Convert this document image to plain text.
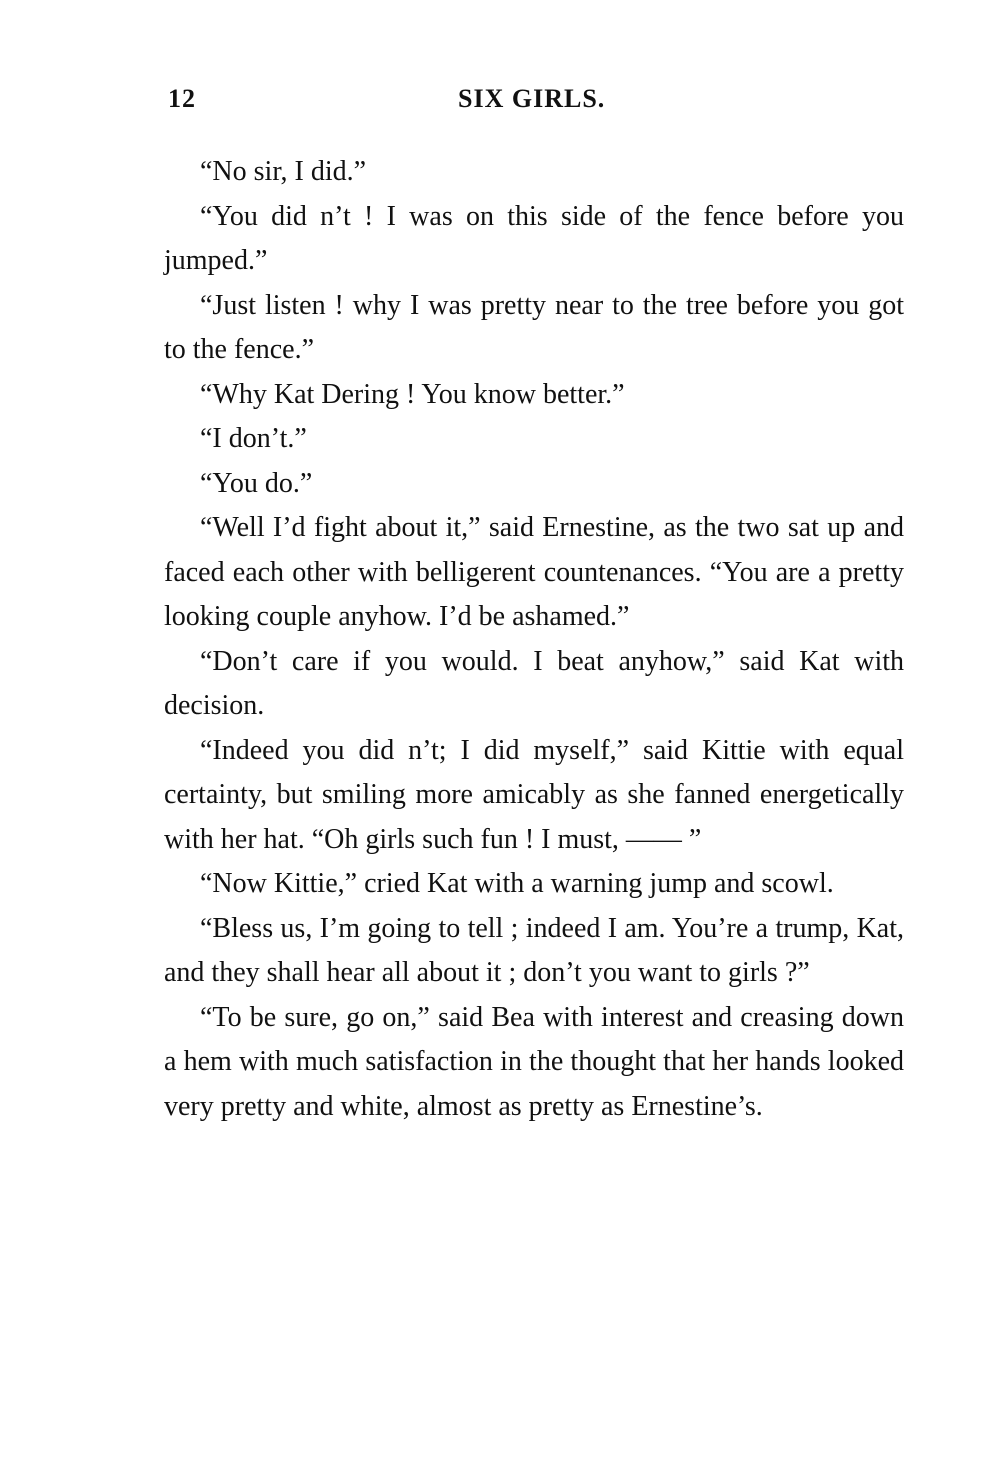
12	SIX GIRLS.

“No sir, I did.”

“You did n’t ! I was on this side of the fence before you jumped.”

“Just listen ! why I was pretty near to the tree before you got to the fence.”

“Why Kat Dering ! You know better.”

“I don’t.”

“You do.”

“Well I’d fight about it,” said Ernestine, as the two sat up and faced each other with belligerent countenances. “You are a pretty looking couple anyhow. I’d be ashamed.”

“Don’t care if you would. I beat anyhow,” said Kat with decision.

“Indeed you did n’t; I did myself,” said Kittie with equal certainty, but smiling more amicably as she fanned energetically with her hat. “Oh girls such fun ! I must, —— ”

“Now Kittie,” cried Kat with a warning jump and scowl.

“Bless us, I’m going to tell ; indeed I am. You’re a trump, Kat, and they shall hear all about it ; don’t you want to girls ?”

“To be sure, go on,” said Bea with interest and creasing down a hem with much satisfaction in the thought that her hands looked very pretty and white, almost as pretty as Ernestine’s.
